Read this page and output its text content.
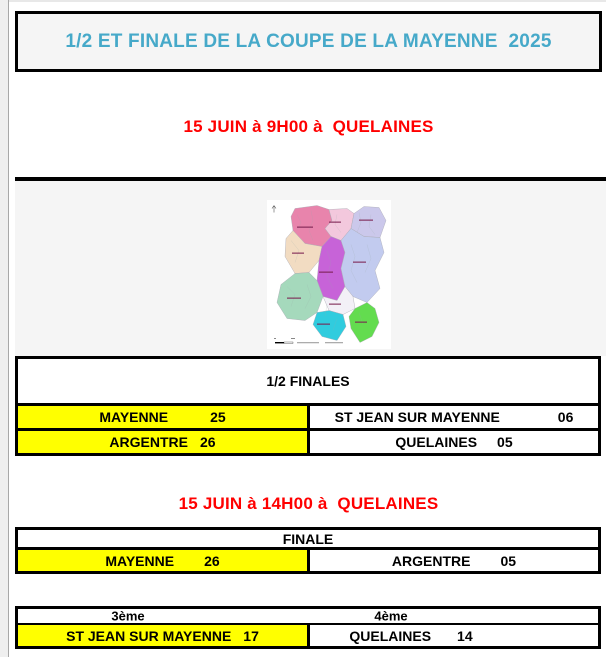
1/2 ET FINALE DE LA COUPE DE LA MAYENNE  2025
15 JUIN à 9H00 à  QUELAINES
1/2 FINALES
MAYENNE	25	ST JEAN SUR MAYENNE	06
ARGENTRE 26	QUELAINES 05
15 JUIN à 14H00 à  QUELAINES
FINALE
MAYENNE 26	ARGENTRE 05
3ème	4ème
ST JEAN SUR MAYENNE 17	QUELAINES 14
